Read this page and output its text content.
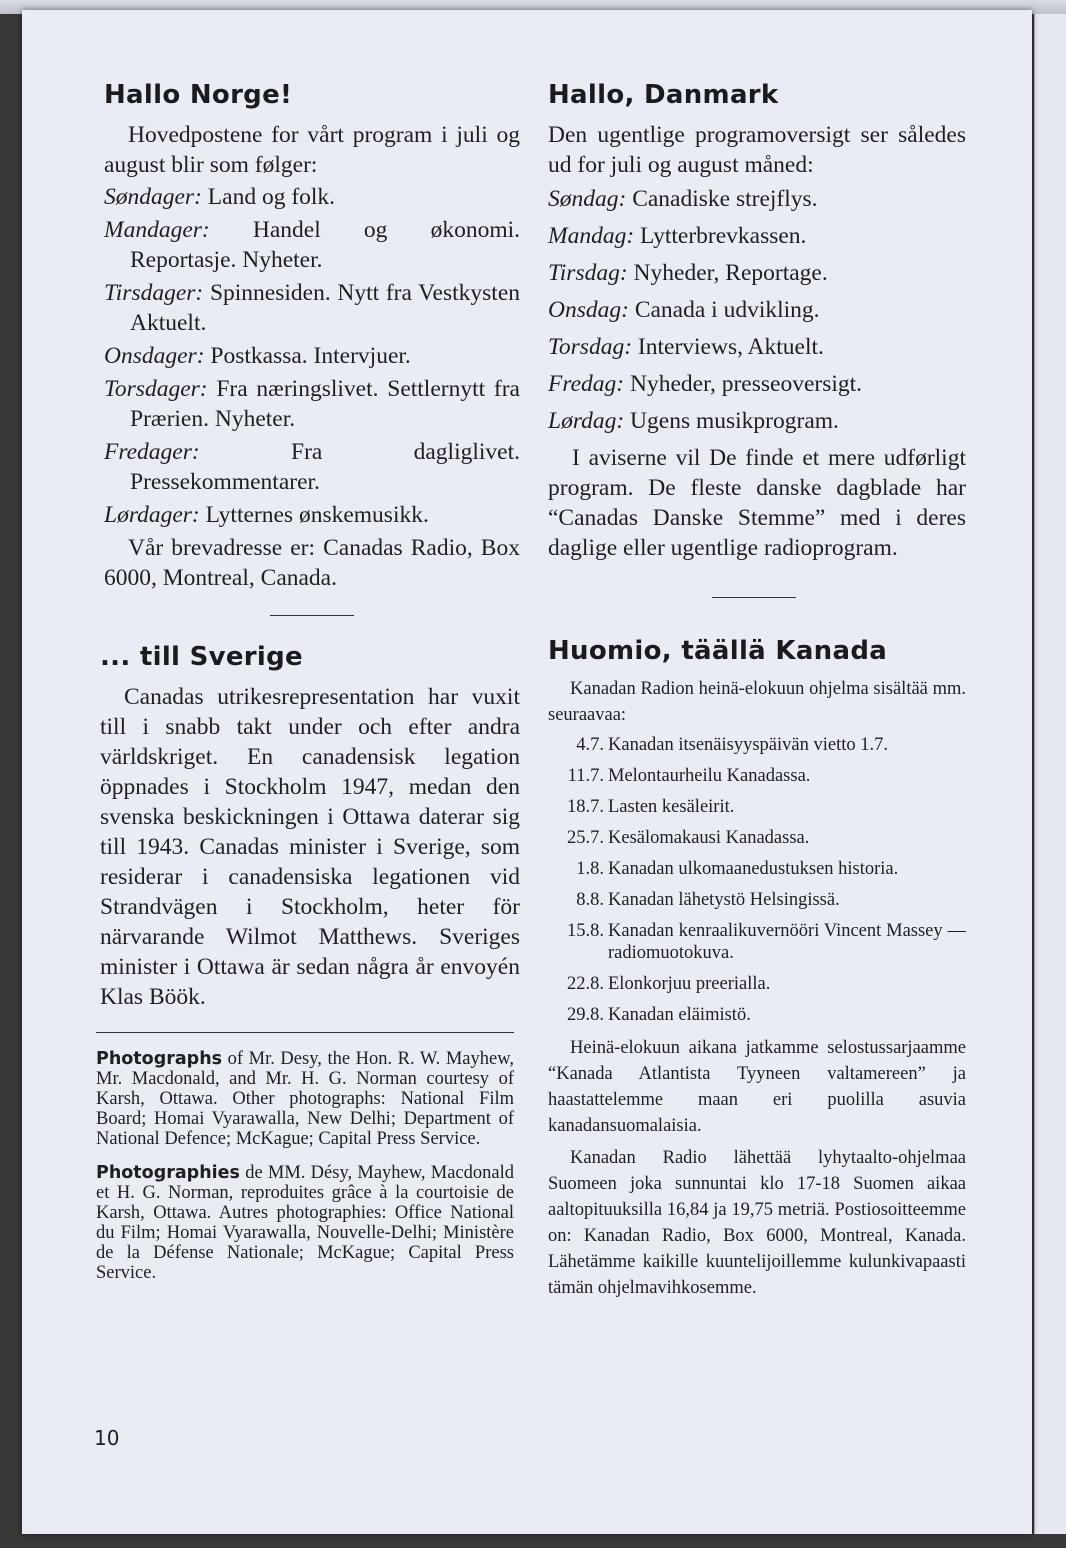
Hallo Norge!

Hovedpostene for vårt program i juli og august blir som følger:

Søndager: Land og folk.

Mandager: Handel og økonomi. Reportasje. Nyheter.

Tirsdager: Spinnesiden. Nytt fra Vestkysten Aktuelt.

Onsdager: Postkassa. Intervjuer.

Torsdager: Fra næringslivet. Settlernytt fra Prærien. Nyheter.

Fredager:	Fra dagliglivet. Pressekommentarer.

Lørdager: Lytternes ønskemusikk.

Vår brevadresse er: Canadas Radio, Box 6000, Montreal, Canada.

... till Sverige

Canadas utrikesrepresentation har vuxit till i snabb takt under och efter andra världskriget. En canadensisk legation öppnades i Stockholm 1947, medan den svenska beskickningen i Ottawa daterar sig till 1943. Canadas minister i Sverige, som residerar i canadensiska legationen vid Strandvägen i Stockholm, heter för närvarande Wilmot Matthews. Sveriges minister i Ottawa är sedan några år envoyén Klas Böök.

Photographs of Mr. Desy, the Hon. R. W. Mayhew, Mr. Macdonald, and Mr. H. G. Norman courtesy of Karsh, Ottawa. Other photographs: National Film Board; Homai Vyarawalla, New Delhi; Department of National Defence; McKague; Capital Press Service.

Photographies de MM. Désy, Mayhew, Macdonald et H. G. Norman, reproduites grâce à la courtoisie de Karsh, Ottawa. Autres photographies: Office National du Film; Homai Vyarawalla, Nouvelle-Delhi; Ministère de la Défense Nationale; McKague; Capital Press Service.

Hallo, Danmark

Den ugentlige programoversigt ser således ud for juli og august måned:

Søndag: Canadiske strejflys.

Mandag: Lytterbrevkassen.

Tirsdag: Nyheder, Reportage.

Onsdag: Canada i udvikling.

Torsdag: Interviews, Aktuelt.

Fredag: Nyheder, presseoversigt.

Lørdag: Ugens musikprogram.

I aviserne vil De finde et mere udførligt program. De fleste danske dagblade har “Canadas Danske Stemme” med i deres daglige eller ugentlige radioprogram.

Huomio, täällä Kanada

Kanadan Radion heinä-elokuun ohjelma sisältää mm. seuraavaa:

4.7. Kanadan itsenäisyyspäivän vietto 1.7.
11.7. Melontaurheilu Kanadassa.
18.7. Lasten kesäleirit.
25.7. Kesälomakausi Kanadassa.
1.8. Kanadan ulkomaanedustuksen historia.
8.8. Kanadan lähetystö Helsingissä.
15.8. Kanadan kenraalikuvernööri Vincent Massey — radiomuotokuva.
22.8. Elonkorjuu preerialla.
29.8. Kanadan eläimistö.

Heinä-elokuun aikana jatkamme selostussarjaamme “Kanada Atlantista Tyyneen valtamereen” ja haastattelemme maan eri puolilla asuvia kanadansuomalaisia.

Kanadan Radio lähettää lyhytaalto-ohjelmaa Suomeen joka sunnuntai klo 17-18 Suomen aikaa aaltopituuksilla 16,84 ja 19,75 metriä. Postiosoitteemme on: Kanadan Radio, Box 6000, Montreal, Kanada. Lähetämme kaikille kuuntelijoillemme kulunkivapaasti tämän ohjelmavihkosemme.

10
